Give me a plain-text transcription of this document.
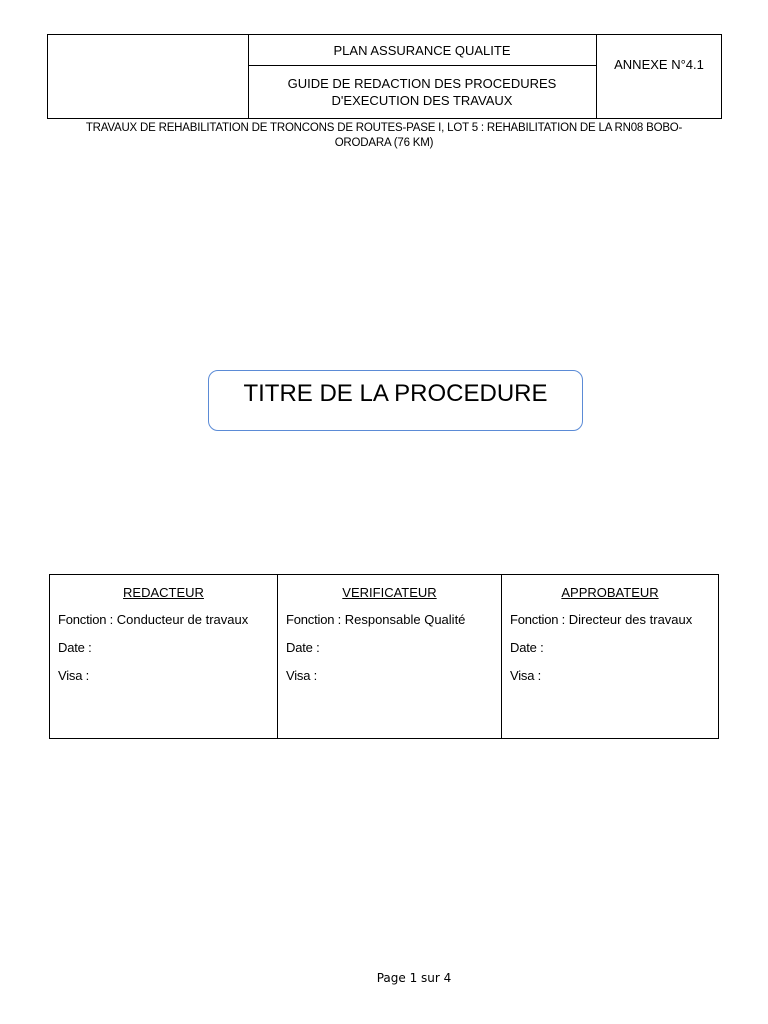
PLAN ASSURANCE QUALITE
GUIDE DE REDACTION DES PROCEDURES
D'EXECUTION DES TRAVAUX
ANNEXE N°4.1
TRAVAUX DE REHABILITATION DE TRONCONS DE ROUTES-PASE I, LOT 5 : REHABILITATION DE LA RN08 BOBO-
ORODARA (76 KM)
TITRE DE LA PROCEDURE
REDACTEUR
Fonction : Conducteur de travaux
Date :
Visa :
VERIFICATEUR
Fonction : Responsable Qualité
Date :
Visa :
APPROBATEUR
Fonction : Directeur des travaux
Date :
Visa :
Page 1 sur 4
